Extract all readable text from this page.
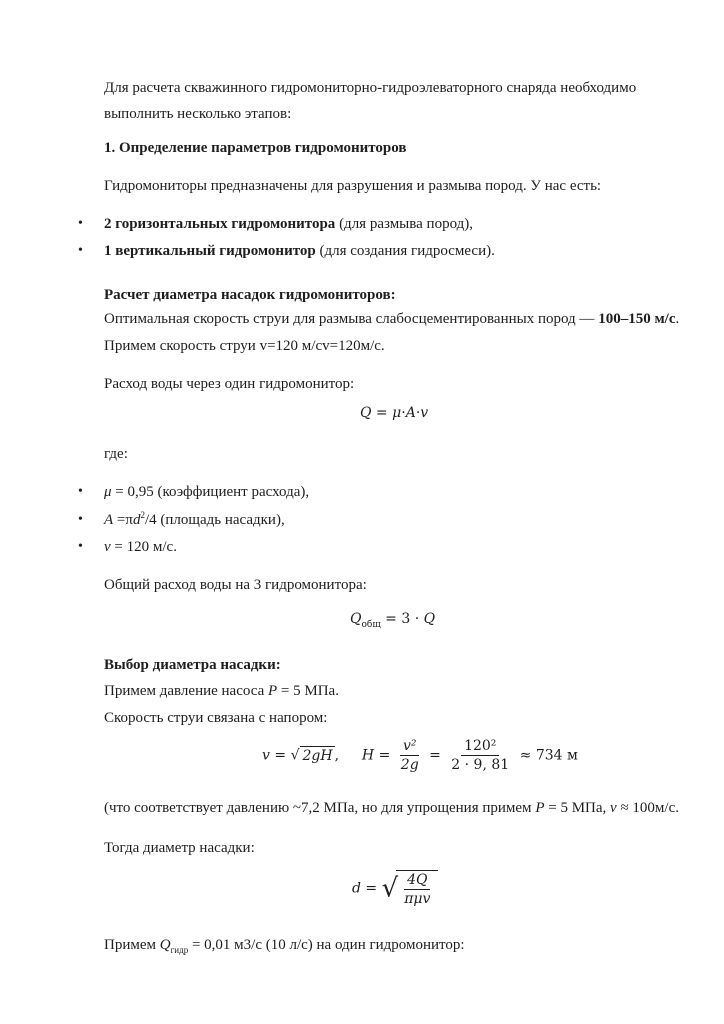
Для расчета скважинного гидромониторно-гидроэлеваторного снаряда необходимо
выполнить несколько этапов:
1. Определение параметров гидромониторов
Гидромониторы предназначены для разрушения и размыва пород. У нас есть:
• 2 горизонтальных гидромонитора (для размыва пород),
• 1 вертикальный гидромонитор (для создания гидросмеси).
Расчет диаметра насадок гидромониторов:
Оптимальная скорость струи для размыва слабосцементированных пород — 100–150 м/с.
Примем скорость струи v=120 м/сv=120м/с.
Расход воды через один гидромонитор:
Q = μ·A·v
где:
• μ = 0,95 (коэффициент расхода),
• $A =\pi d^2/4$ (площадь насадки),
• v = 120 м/с.
Общий расход воды на 3 гидромонитора:
$Q_{общ} = 3 \cdot Q$
Выбор диаметра насадки:
Примем давление насоса P = 5 МПа.
Скорость струи связана с напором:
v = √ 2gH , $H = \frac{\text{v²}}{2g} = \frac{\text{120²}}{2 \cdot 9, 81} \approx 734$ м
(что соответствует давлению ~7,2 МПа, но для упрощения примем P = 5 МПа, v ≈ 100м/с.
Тогда диаметр насадки:
d = √ $\frac{4Q}{\text{πμv}}$
Примем $Q_{гидр} = 0,01$ м3/с (10 л/с) на один гидромонитор:
